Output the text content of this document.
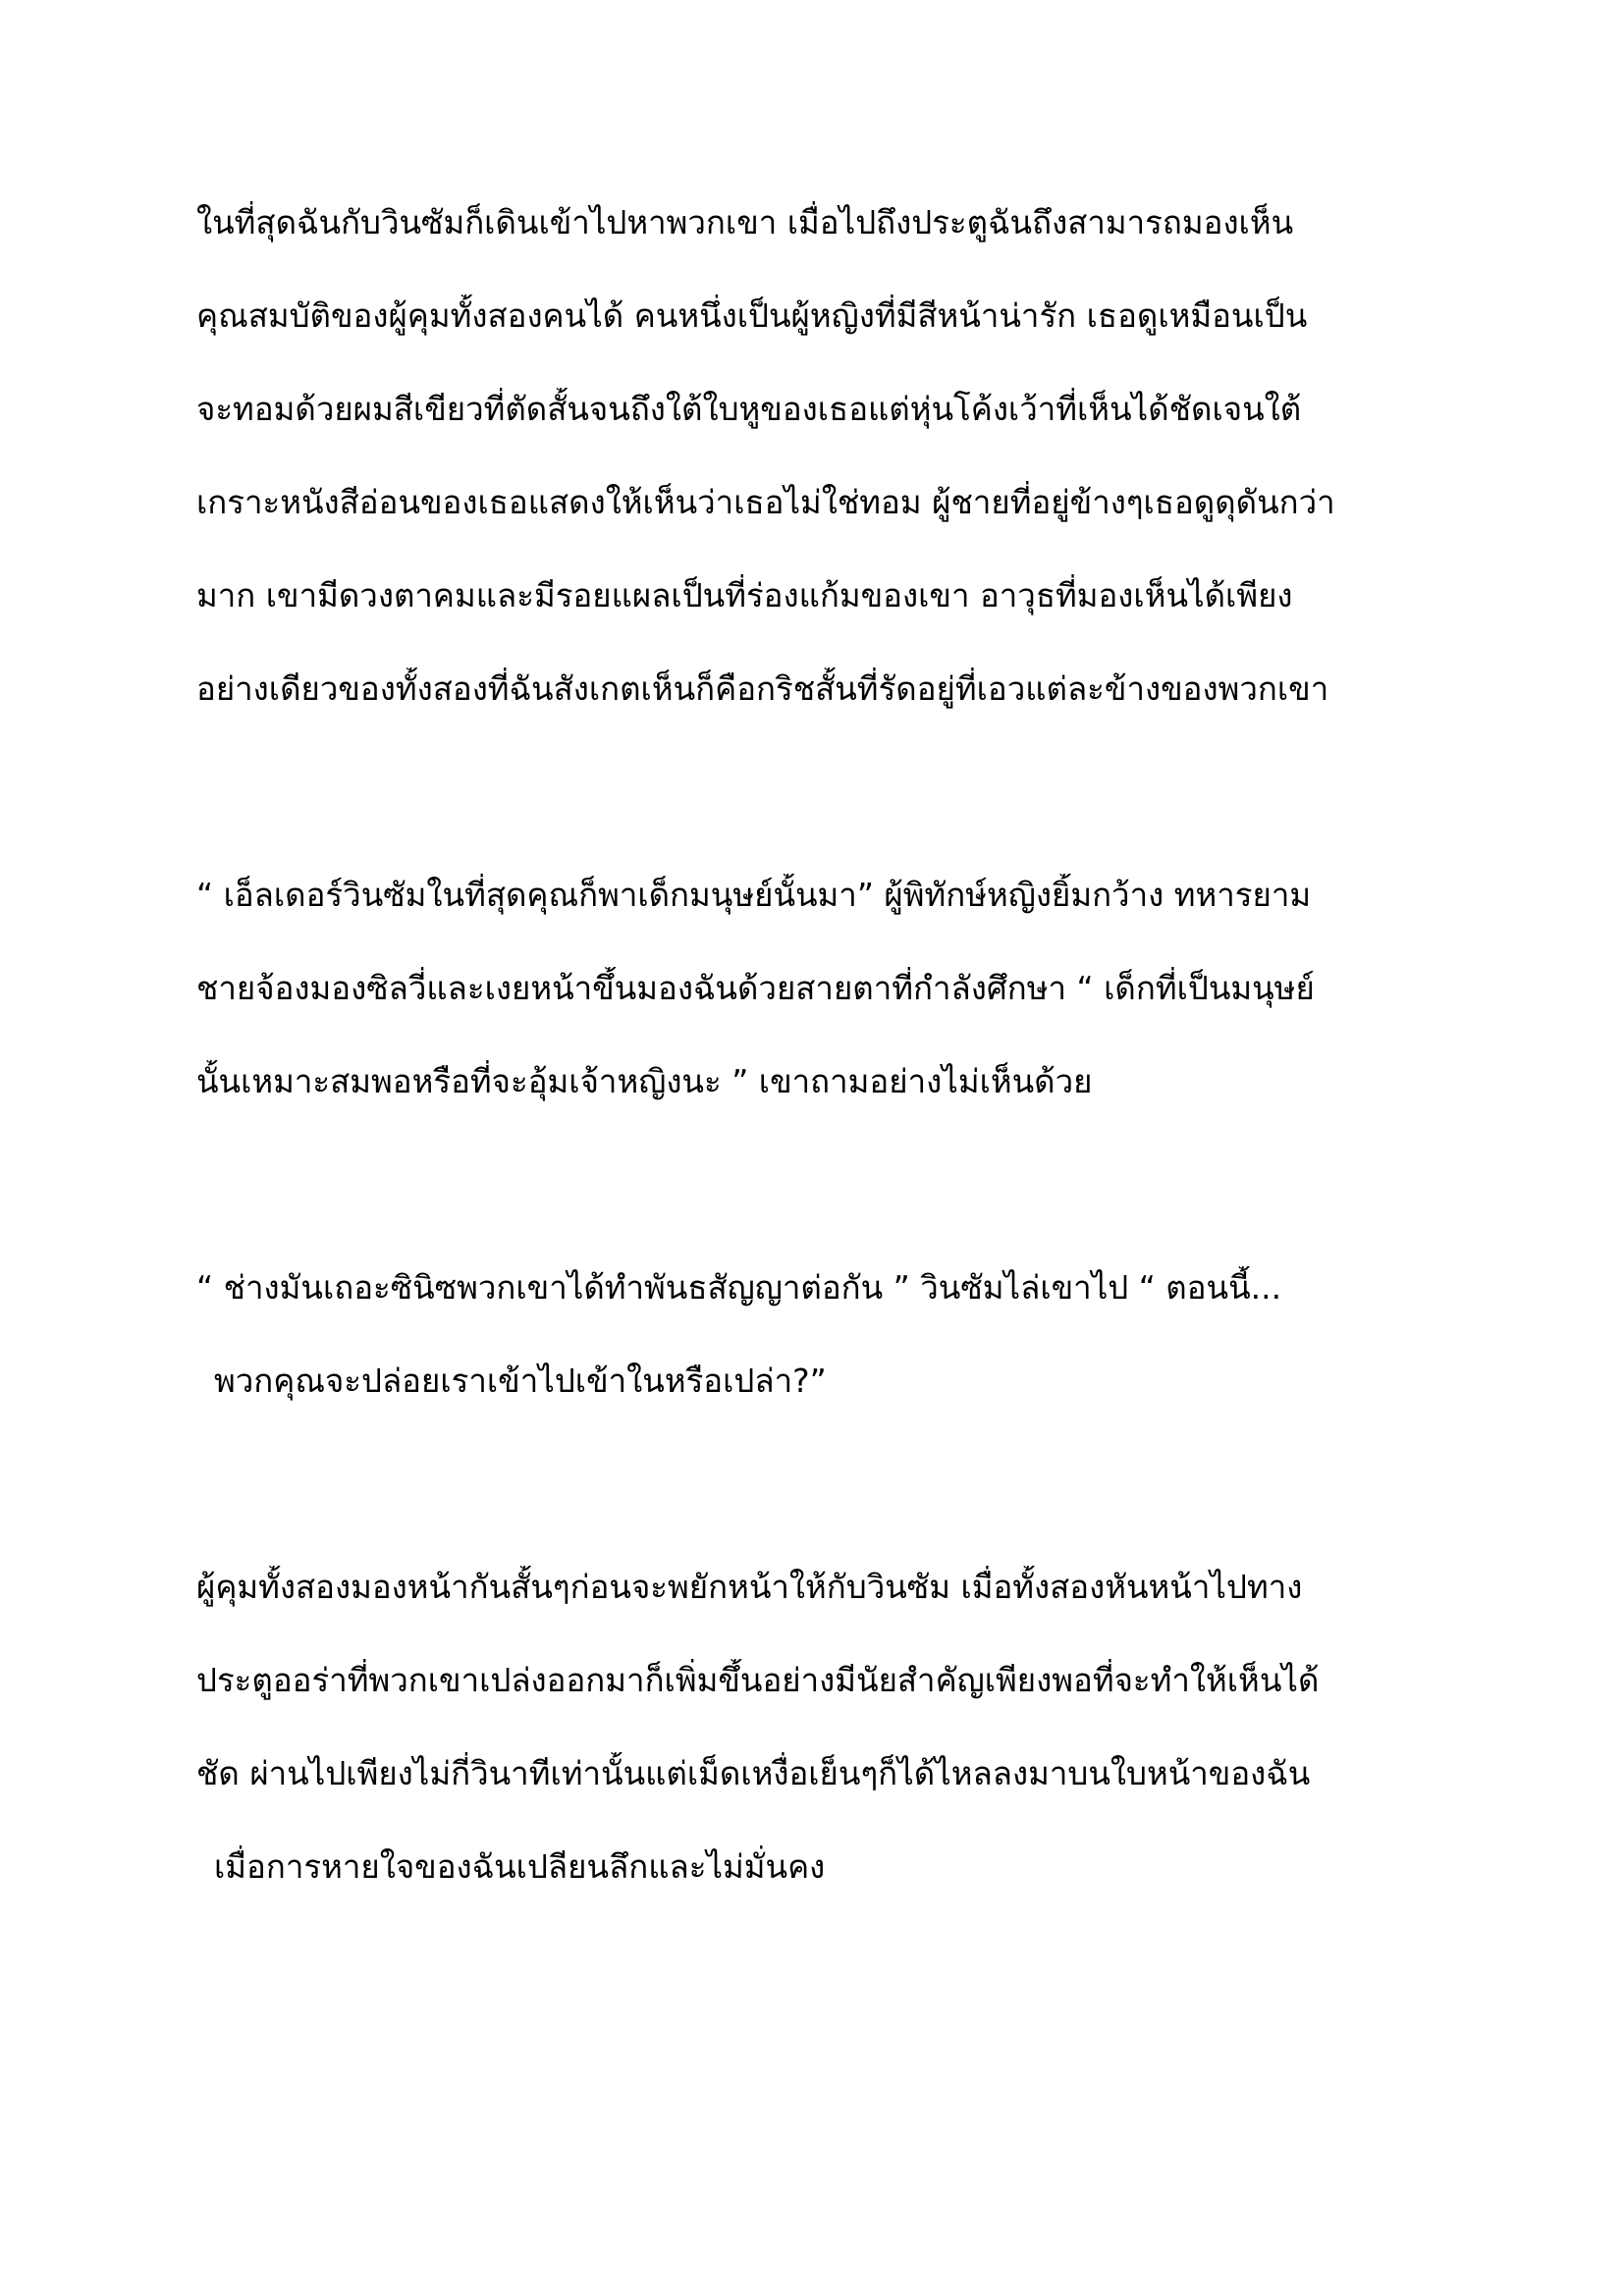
ในที่สุดฉันกับวินซัมก็เดินเข้าไปหาพวกเขา เมื่อไปถึงประตูฉันถึงสามารถมองเห็น
คุณสมบัติของผู้คุมทั้งสองคนได้ คนหนึ่งเป็นผู้หญิงที่มีสีหน้าน่ารัก เธอดูเหมือนเป็น
จะทอมด้วยผมสีเขียวที่ตัดสั้นจนถึงใต้ใบหูของเธอแต่หุ่นโค้งเว้าที่เห็นได้ชัดเจนใต้
เกราะหนังสีอ่อนของเธอแสดงให้เห็นว่าเธอไม่ใช่ทอม ผู้ชายที่อยู่ข้างๆเธอดูดุดันกว่า
มาก เขามีดวงตาคมและมีรอยแผลเป็นที่ร่องแก้มของเขา อาวุธที่มองเห็นได้เพียง
อย่างเดียวของทั้งสองที่ฉันสังเกตเห็นก็คือกริชสั้นที่รัดอยู่ที่เอวแต่ละข้างของพวกเขา
“ เอ็ลเดอร์วินซัมในที่สุดคุณก็พาเด็กมนุษย์นั้นมา” ผู้พิทักษ์หญิงยิ้มกว้าง ทหารยาม
ชายจ้องมองซิลวี่และเงยหน้าขึ้นมองฉันด้วยสายตาที่กำลังศึกษา “ เด็กที่เป็นมนุษย์
นั้นเหมาะสมพอหรือที่จะอุ้มเจ้าหญิงนะ ” เขาถามอย่างไม่เห็นด้วย
“ ช่างมันเถอะซินิซพวกเขาได้ทำพันธสัญญาต่อกัน ” วินซัมไล่เขาไป “ ตอนนี้...
พวกคุณจะปล่อยเราเข้าไปเข้าในหรือเปล่า?”
ผู้คุมทั้งสองมองหน้ากันสั้นๆก่อนจะพยักหน้าให้กับวินซัม เมื่อทั้งสองหันหน้าไปทาง
ประตูออร่าที่พวกเขาเปล่งออกมาก็เพิ่มขึ้นอย่างมีนัยสำคัญเพียงพอที่จะทำให้เห็นได้
ชัด ผ่านไปเพียงไม่กี่วินาทีเท่านั้นแต่เม็ดเหงื่อเย็นๆก็ได้ไหลลงมาบนใบหน้าของฉัน
เมื่อการหายใจของฉันเปลียนลึกและไม่มั่นคง
